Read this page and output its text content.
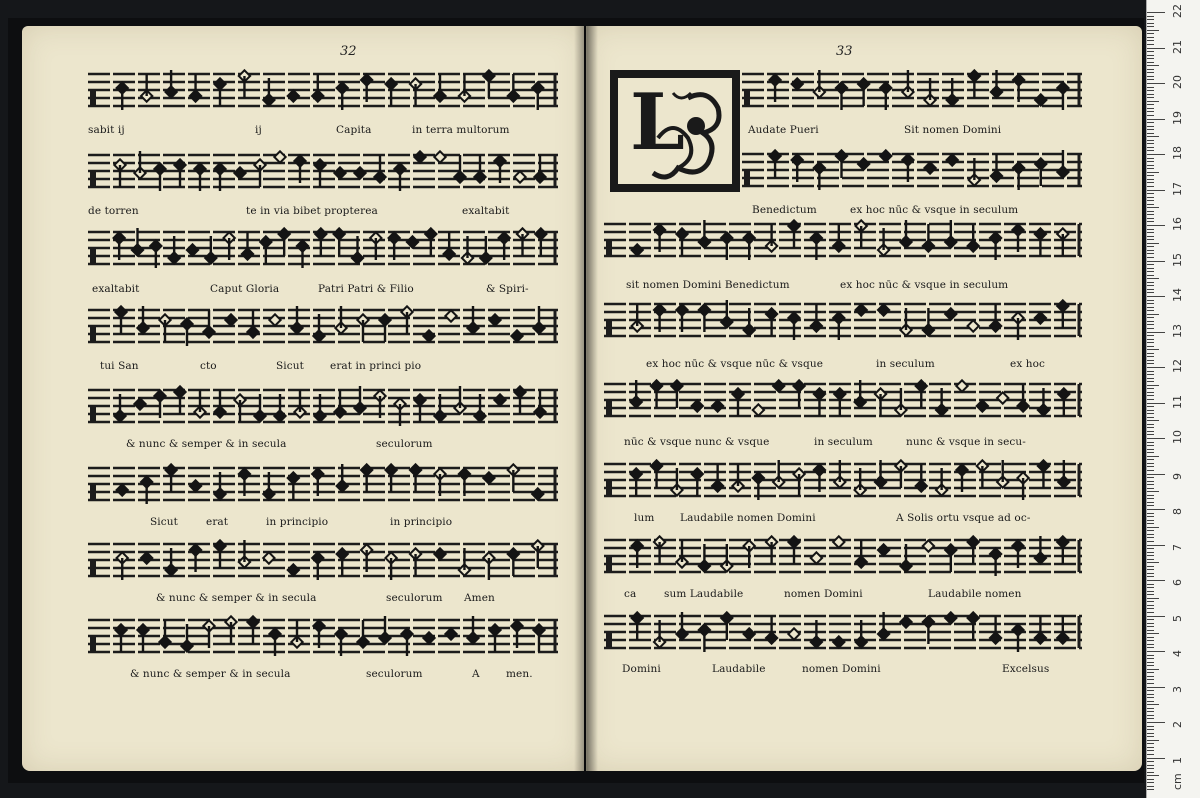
32	33
L
sabit ij	ij	Capita	in terra multorum
de torren	te in via bibet propterea	exaltabit
exaltabit	Caput Gloria	Patri Patri & Filio	& Spiri-
tui San	cto	Sicut erat in princi pio
& nunc & semper & in secula	seculorum
Sicut	erat	in principio	in principio
& nunc & semper & in secula	seculorum Amen
& nunc & semper & in secula	seculorum	A	men.
Audate Pueri	Sit nomen Domini
Benedictum	ex hoc nūc & vsque in seculum
sit nomen Domini Benedictum	ex hoc nūc & vsque in seculum
ex hoc nūc & vsque nūc & vsque	in seculum	ex hoc
nūc & vsque nunc & vsque	in seculum	nunc & vsque in secu-
lum Laudabile nomen Domini	A Solis ortu vsque ad oc-
ca	sum Laudabile	nomen Domini	Laudabile nomen
Domini	Laudabile	nomen Domini	Excelsus
22
21
20
19
18
17
16
15
14
13
12
11
10
9
8
7
6
5
4
3
2
1
cm
